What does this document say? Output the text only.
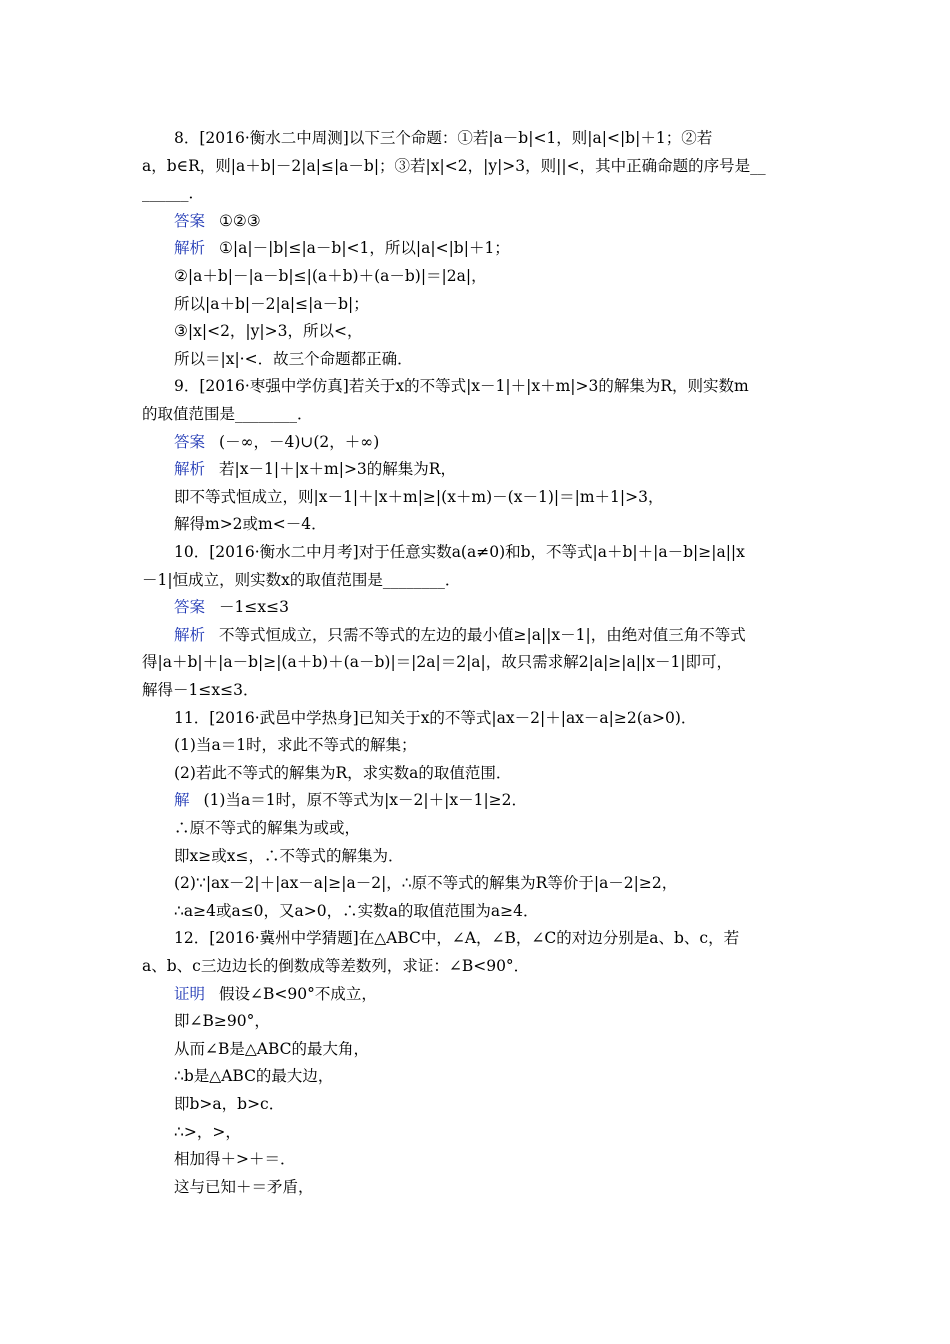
8．[2016·衡水二中周测]以下三个命题：①若|a－b|<1，则|a|<|b|＋1；②若
a，b∈R，则|a＋b|－2|a|≤|a－b|；③若|x|<2，|y|>3，则||<，其中正确命题的序号是__
______．
答案 ①②③
解析 ①|a|－|b|≤|a－b|<1，所以|a|<|b|＋1；
②|a＋b|－|a－b|≤|(a＋b)＋(a－b)|＝|2a|，
所以|a＋b|－2|a|≤|a－b|；
③|x|<2，|y|>3，所以<，
所以＝|x|·<．故三个命题都正确．
9．[2016·枣强中学仿真]若关于x的不等式|x－1|＋|x＋m|>3的解集为R，则实数m
的取值范围是________．
答案 (－∞，－4)∪(2，＋∞)
解析 若|x－1|＋|x＋m|>3的解集为R，
即不等式恒成立，则|x－1|＋|x＋m|≥|(x＋m)－(x－1)|＝|m＋1|>3，
解得m>2或m<－4．
10．[2016·衡水二中月考]对于任意实数a(a≠0)和b，不等式|a＋b|＋|a－b|≥|a||x
－1|恒成立，则实数x的取值范围是________．
答案 －1≤x≤3
解析 不等式恒成立，只需不等式的左边的最小值≥|a||x－1|，由绝对值三角不等式
得|a＋b|＋|a－b|≥|(a＋b)＋(a－b)|＝|2a|＝2|a|，故只需求解2|a|≥|a||x－1|即可，
解得－1≤x≤3．
11．[2016·武邑中学热身]已知关于x的不等式|ax－2|＋|ax－a|≥2(a>0)．
(1)当a＝1时，求此不等式的解集；
(2)若此不等式的解集为R，求实数a的取值范围．
解 (1)当a＝1时，原不等式为|x－2|＋|x－1|≥2．
∴原不等式的解集为或或，
即x≥或x≤，∴不等式的解集为．
(2)∵|ax－2|＋|ax－a|≥|a－2|，∴原不等式的解集为R等价于|a－2|≥2，
∴a≥4或a≤0，又a>0，∴实数a的取值范围为a≥4．
12．[2016·冀州中学猜题]在△ABC中，∠A，∠B，∠C的对边分别是a、b、c，若
a、b、c三边边长的倒数成等差数列，求证：∠B<90°．
证明 假设∠B<90°不成立，
即∠B≥90°，
从而∠B是△ABC的最大角，
∴b是△ABC的最大边，
即b>a，b>c．
∴>，>，
相加得＋>＋＝．
这与已知＋＝矛盾，
